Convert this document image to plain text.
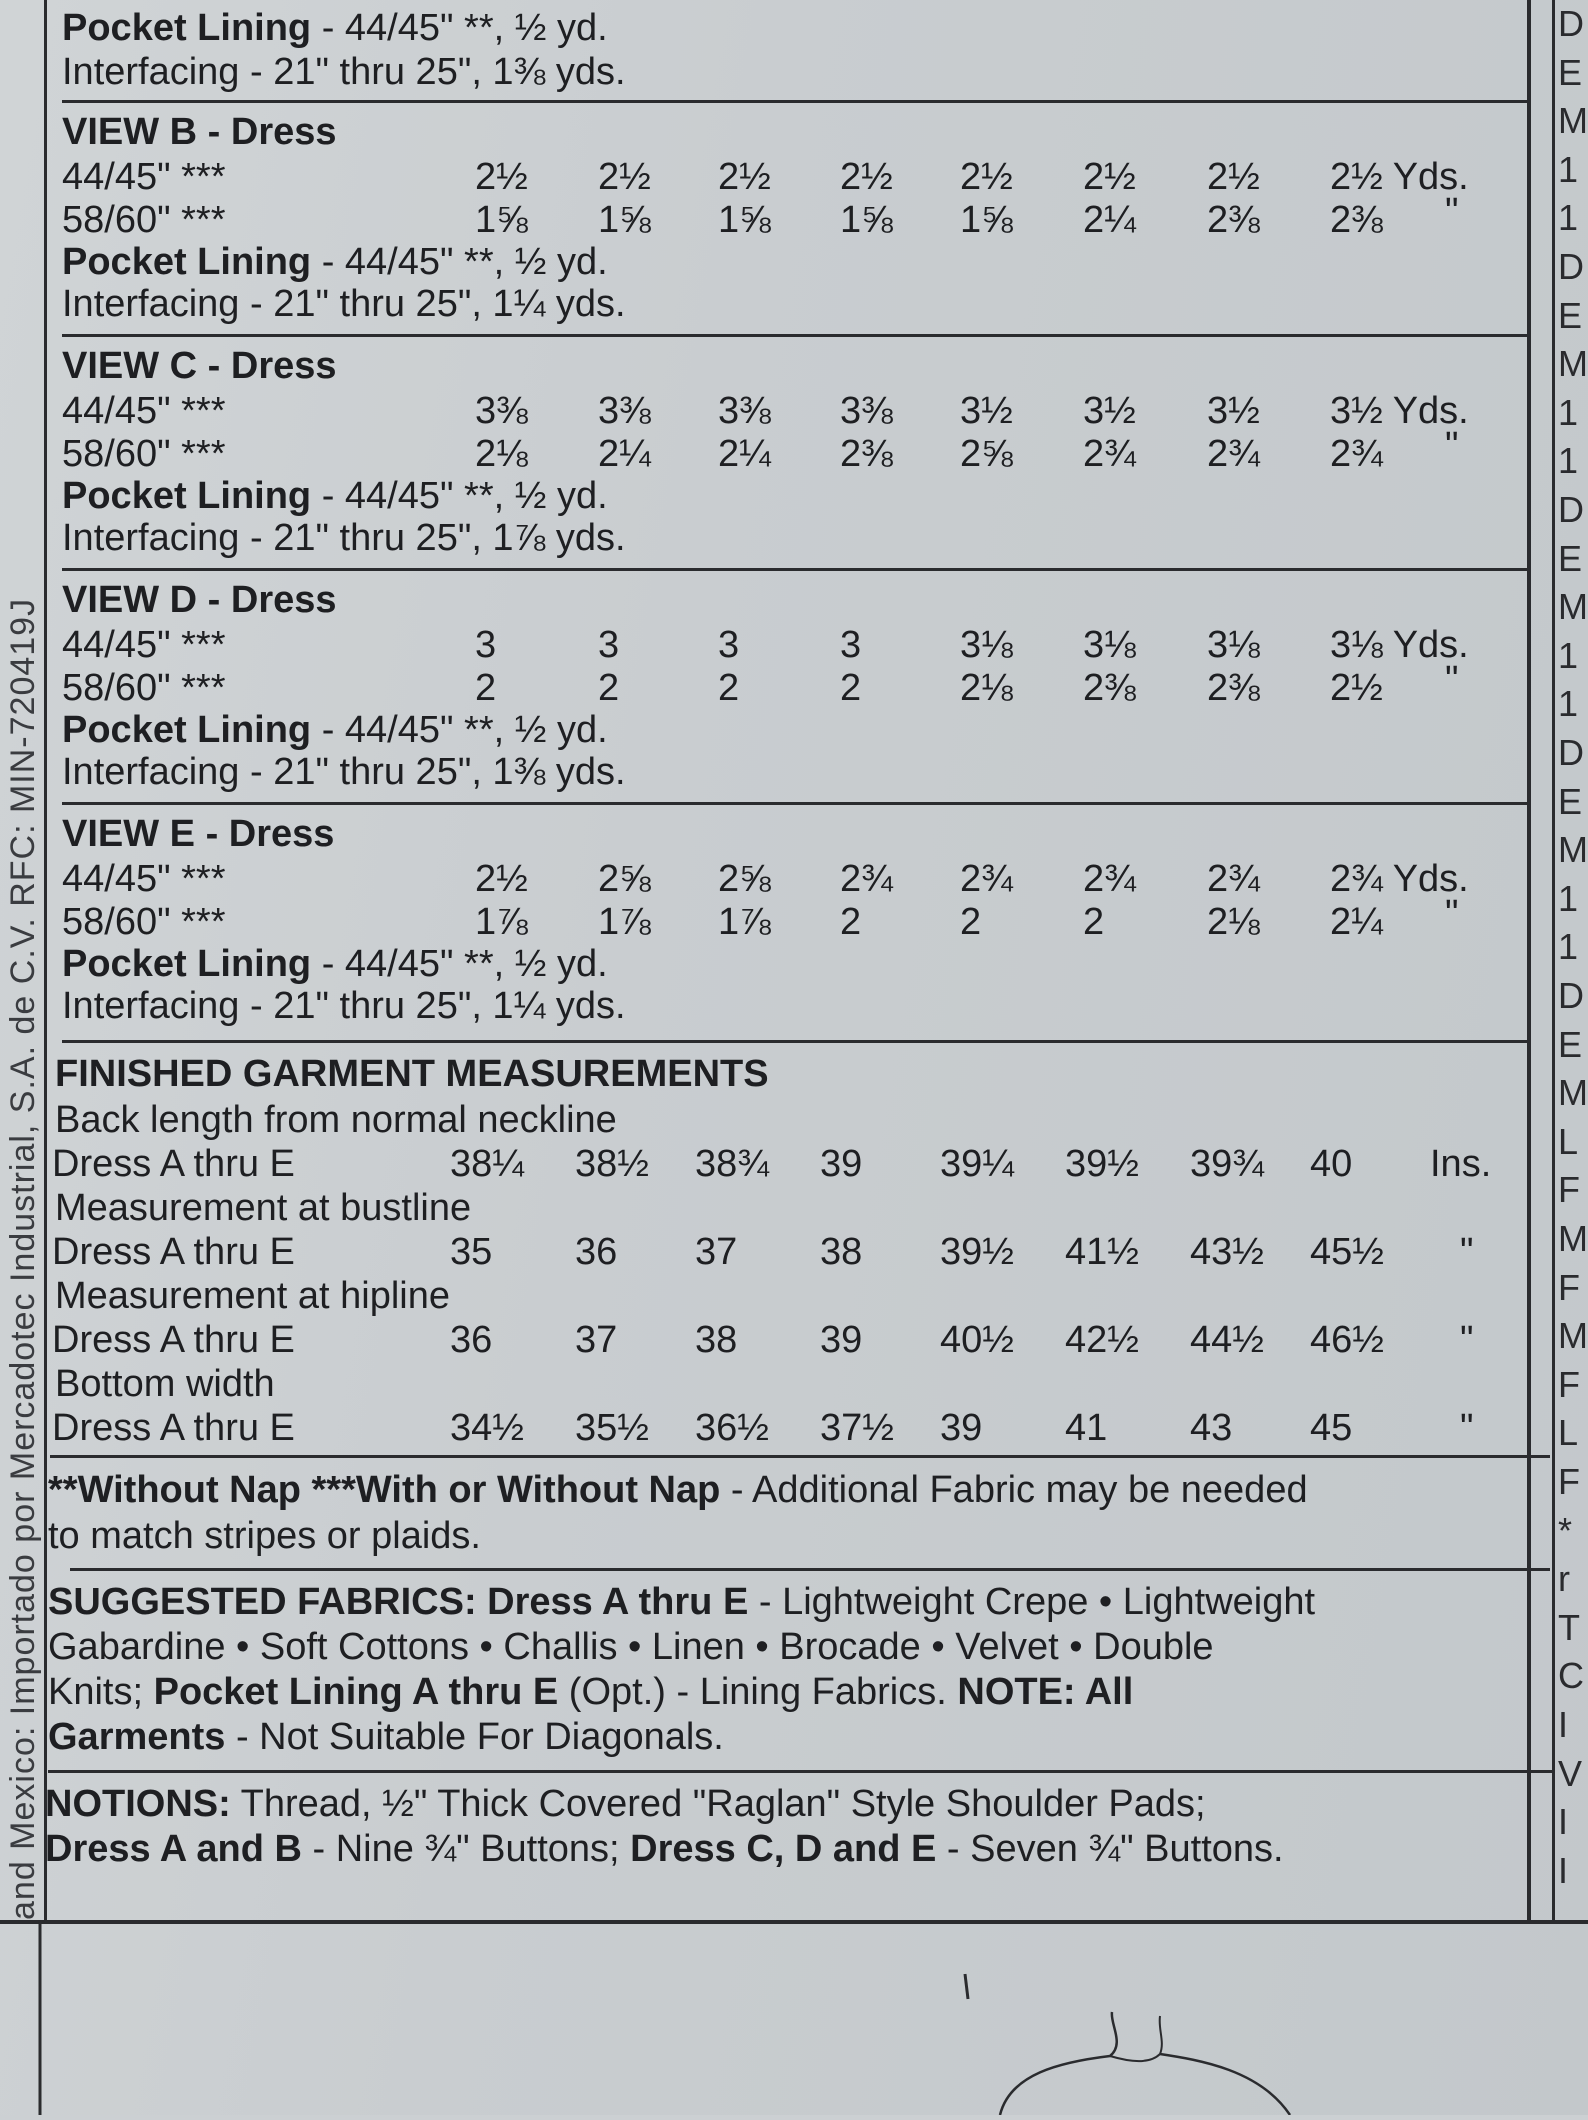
and Mexico: Importado por Mercadotec Industrial, S.A. de C.V. RFC: MIN-720419J
Pocket Lining - 44/45" **, ½ yd.
Interfacing - 21" thru 25", 1⅜ yds.
VIEW B - Dress
44/45" ***	2½ 2½ 2½ 2½ 2½ 2½ 2½ 2½ Yds.
58/60" ***	1⅝ 1⅝ 1⅝ 1⅝ 1⅝ 2¼ 2⅜ 2⅜ "
Pocket Lining - 44/45" **, ½ yd.
Interfacing - 21" thru 25", 1¼ yds.
VIEW C - Dress
44/45" ***	3⅜ 3⅜ 3⅜ 3⅜ 3½ 3½ 3½ 3½ Yds.
58/60" ***	2⅛ 2¼ 2¼ 2⅜ 2⅝ 2¾ 2¾ 2¾ "
Pocket Lining - 44/45" **, ½ yd.
Interfacing - 21" thru 25", 1⅞ yds.
VIEW D - Dress
44/45" ***	3	3	3	3	3⅛ 3⅛ 3⅛ 3⅛ Yds.
58/60" ***	2	2	2	2	2⅛ 2⅜ 2⅜ 2½ "
Pocket Lining - 44/45" **, ½ yd.
Interfacing - 21" thru 25", 1⅜ yds.
VIEW E - Dress
44/45" ***	2½ 2⅝ 2⅝ 2¾ 2¾ 2¾ 2¾ 2¾ Yds.
58/60" ***	1⅞ 1⅞ 1⅞ 2	2	2	2⅛ 2¼ "
Pocket Lining - 44/45" **, ½ yd.
Interfacing - 21" thru 25", 1¼ yds.
FINISHED GARMENT MEASUREMENTS
Back length from normal neckline
Dress A thru E	38¼ 38½ 38¾ 39 39¼ 39½ 39¾ 40 Ins.
Measurement at bustline
Dress A thru E	35 36 37 38 39½ 41½ 43½ 45½ "
Measurement at hipline
Dress A thru E	36 37 38 39 40½ 42½ 44½ 46½ "
Bottom width
Dress A thru E	34½ 35½ 36½ 37½ 39 41 43 45	"
**Without Nap ***With or Without Nap - Additional Fabric may be needed
to match stripes or plaids.
SUGGESTED FABRICS: Dress A thru E - Lightweight Crepe • Lightweight
Gabardine • Soft Cottons • Challis • Linen • Brocade • Velvet • Double
Knits; Pocket Lining A thru E (Opt.) - Lining Fabrics. NOTE: All
Garments - Not Suitable For Diagonals.
NOTIONS: Thread, ½" Thick Covered "Raglan" Style Shoulder Pads;
Dress A and B - Nine ¾" Buttons; Dress C, D and E - Seven ¾" Buttons.
D
E
M
1
1
D
E
M
1
1
D
E
M
1
1
D
E
M
1
1
D
E
M
L
F
M
F
M
F
L
F
*
r
T
C
I
V
I
I
